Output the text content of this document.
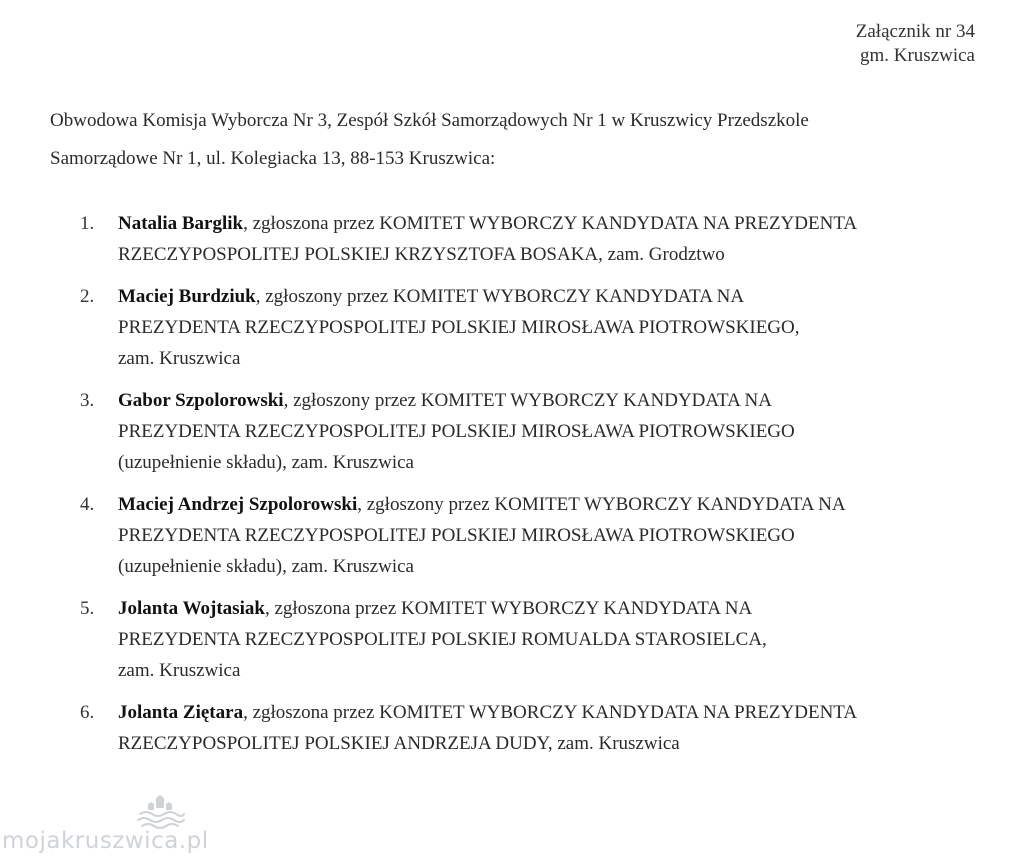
Załącznik nr 34
gm. Kruszwica
Obwodowa Komisja Wyborcza Nr 3, Zespół Szkół Samorządowych Nr 1 w Kruszwicy Przedszkole
Samorządowe Nr 1, ul. Kolegiacka 13, 88-153 Kruszwica:
1.	Natalia Barglik, zgłoszona przez KOMITET WYBORCZY KANDYDATA NA PREZYDENTA
RZECZYPOSPOLITEJ POLSKIEJ KRZYSZTOFA BOSAKA, zam. Grodztwo
2.	Maciej Burdziuk, zgłoszony przez KOMITET WYBORCZY KANDYDATA NA
PREZYDENTA RZECZYPOSPOLITEJ POLSKIEJ MIROSŁAWA PIOTROWSKIEGO,
zam. Kruszwica
3.	Gabor Szpolorowski, zgłoszony przez KOMITET WYBORCZY KANDYDATA NA
PREZYDENTA RZECZYPOSPOLITEJ POLSKIEJ MIROSŁAWA PIOTROWSKIEGO
(uzupełnienie składu), zam. Kruszwica
4.	Maciej Andrzej Szpolorowski, zgłoszony przez KOMITET WYBORCZY KANDYDATA NA
PREZYDENTA RZECZYPOSPOLITEJ POLSKIEJ MIROSŁAWA PIOTROWSKIEGO
(uzupełnienie składu), zam. Kruszwica
5.	Jolanta Wojtasiak, zgłoszona przez KOMITET WYBORCZY KANDYDATA NA
PREZYDENTA RZECZYPOSPOLITEJ POLSKIEJ ROMUALDA STAROSIELCA,
zam. Kruszwica
6.	Jolanta Ziętara, zgłoszona przez KOMITET WYBORCZY KANDYDATA NA PREZYDENTA
RZECZYPOSPOLITEJ POLSKIEJ ANDRZEJA DUDY, zam. Kruszwica
mojakruszwica.pl
